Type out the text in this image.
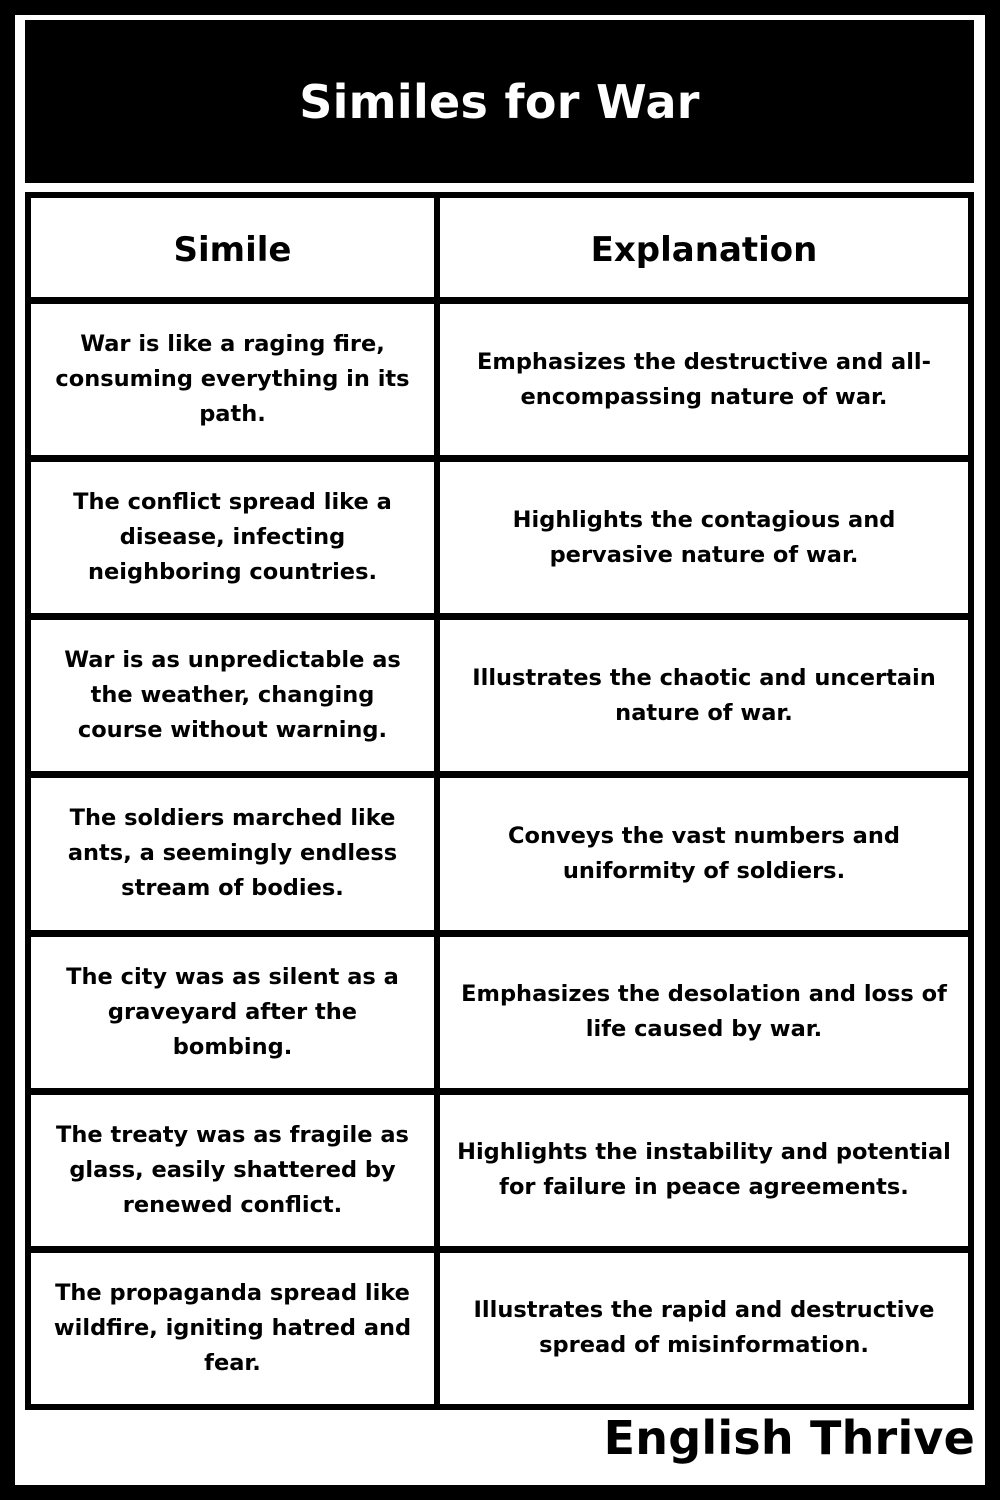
Similes for War
Simile	Explanation
War is like a raging fire, consuming everything in its path.
Emphasizes the destructive and all-encompassing nature of war.
The conflict spread like a disease, infecting neighboring countries.
Highlights the contagious and pervasive nature of war.
War is as unpredictable as the weather, changing course without warning.
Illustrates the chaotic and uncertain nature of war.
The soldiers marched like ants, a seemingly endless stream of bodies.
Conveys the vast numbers and uniformity of soldiers.
The city was as silent as a graveyard after the bombing.
Emphasizes the desolation and loss of life caused by war.
The treaty was as fragile as glass, easily shattered by renewed conflict.
Highlights the instability and potential for failure in peace agreements.
The propaganda spread like wildfire, igniting hatred and fear.
Illustrates the rapid and destructive spread of misinformation.
English Thrive
